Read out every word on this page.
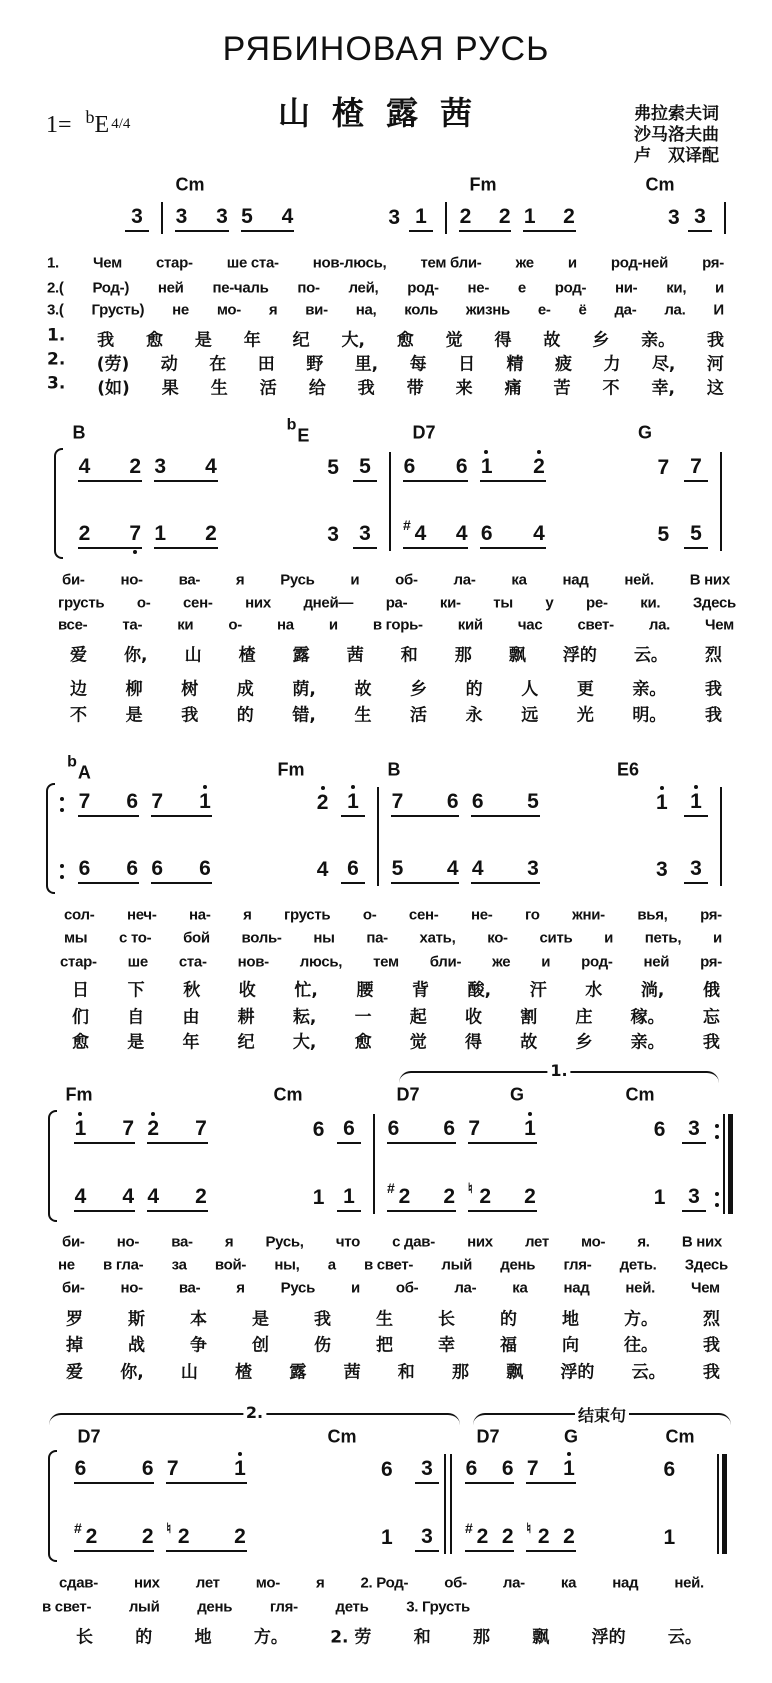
РЯБИНОВАЯ РУСЬ
山楂露茜
1= $^b$E 4/4	弗拉索夫词
沙马洛夫曲
卢　双译配
Cm	Fm	Cm
3 3 3 5 4	3 1 2 2 1 2	3 3
1. Чем стар- ше ста- нов-люсь, тем бли- же и род-ней ря-
2.( Род-) ней пе-чаль по- лей, род- не- е род- ни- ки, и
3.( Грусть) не мо- я ви- на, коль жизнь е- ё да- ла. И
1. 我 愈 是 年 纪 大, 愈 觉 得 故 乡 亲。 我
2. (劳) 动 在 田 野 里, 每 日 精 疲 力 尽, 河
3. (如) 果 生 活 给 我 带 来 痛 苦 不 幸, 这
B	bE	D7	G
4 2 3 4	5 5 6 6 1 2	7 7
2 7 1 2	3 3 4
# 4 6 4	5 5
би- но- ва- я Русь и об- ла- ка над ней. В них
грусть о- сен- них дней— ра- ки- ты у ре- ки. Здесь
все- та- ки о- на и в горь- кий час свет- ла. Чем
爱 你, 山 楂 露 茜 和 那 飘 浮的 云。 烈
边 柳 树 成 荫, 故 乡 的 人 更 亲。 我
不 是 我 的 错, 生 活 永 远 光 明。 我
bA	Fm	B	E6
7 6 7 1	2 1 7 6 6 5	1 1
6 6 6 6	4 6 5 4 4 3	3 3
сол- неч- на- я грусть о- сен- не- го жни- вья, ря-
мы с то- бой воль- ны па- хать, ко- сить и петь, и
стар- ше ста- нов- люсь, тем бли- же и род- ней ря-
日 下 秋 收 忙, 腰 背 酸, 汗 水 淌, 俄
们 自 由 耕 耘, 一 起 收 割 庄 稼。 忘
愈 是 年 纪 大, 愈 觉 得 故 乡 亲。 我
Fm	Cm	D7	G	Cm
1 7 2 7	6 6 6 6 7 1	6 3
4 4 4 2	1 1 2
# 2 2
♮ 2	1 3
1.
би- но- ва- я Русь, что с дав- них лет мо- я. В них
не в гла- за вой- ны, а в свет- лый день гля- деть. Здесь
би- но- ва- я Русь и об- ла- ка над ней. Чем
罗	斯	本	是	我	生	长	的	地	方。	烈
掉	战	争	创	伤	把	幸	福	向	往。	我
爱 你, 山 楂 露 茜 和 那 飘 浮的 云。 我
D7	Cm	D7	G	Cm
6	6 7	1	6 3 6 6 7 1	6
2
#	2 2
♮	2	1 3 2
# 2 2
♮ 2	1
2.	结束句
сдав- них лет мо- я 2. Род- об- ла- ка над ней.
в свет-	лый	день	гля-	деть	3. Грусть
长 的 地 方。 2. 劳 和 那 飘 浮的 云。
